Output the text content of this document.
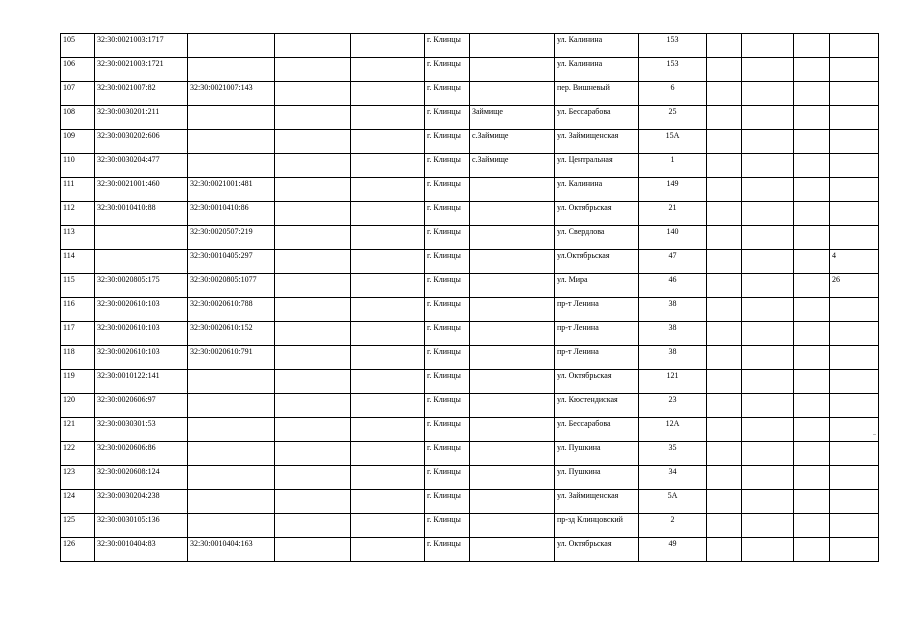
105	32:30:0021003:1717				г. Клинцы		ул. Калинина	153				
106	32:30:0021003:1721				г. Клинцы		ул. Калинина	153				
107	32:30:0021007:82	32:30:0021007:143			г. Клинцы		пер. Вишневый	6				
108	32:30:0030201:211				г. Клинцы	Займище	ул. Бессарабова	25				
109	32:30:0030202:606				г. Клинцы	с.Займище	ул. Займищенская	15А				
110	32:30:0030204:477				г. Клинцы	с.Займище	ул. Центральная	1				
111	32:30:0021001:460	32:30:0021001:481			г. Клинцы		ул. Калинина	149				
112	32:30:0010410:88	32:30:0010410:86			г. Клинцы		ул. Октябрьская	21				
113		32:30:0020507:219			г. Клинцы		ул. Свердлова	140				
114		32:30:0010405:297			г. Клинцы		ул.Октябрьская	47				4
115	32:30:0020805:175	32:30:0020805:1077			г. Клинцы		ул. Мира	46				26
116	32:30:0020610:103	32:30:0020610:788			г. Клинцы		пр-т Ленина	38				
117	32:30:0020610:103	32:30:0020610:152			г. Клинцы		пр-т Ленина	38				
118	32:30:0020610:103	32:30:0020610:791			г. Клинцы		пр-т Ленина	38				
119	32:30:0010122:141				г. Клинцы		ул. Октябрьская	121				
120	32:30:0020606:97				г. Клинцы		ул. Кюстендиская	23				
121	32:30:0030301:53				г. Клинцы		ул. Бессарабова	12А				
122	32:30:0020606:86				г. Клинцы		ул. Пушкина	35				
123	32:30:0020608:124				г. Клинцы		ул. Пушкина	34				
124	32:30:0030204:238				г. Клинцы		ул. Займищенская	5А				
125	32:30:0030105:136				г. Клинцы		пр-зд Клинцовский	2				
126	32:30:0010404:83	32:30:0010404:163			г. Клинцы		ул. Октябрьская	49				
